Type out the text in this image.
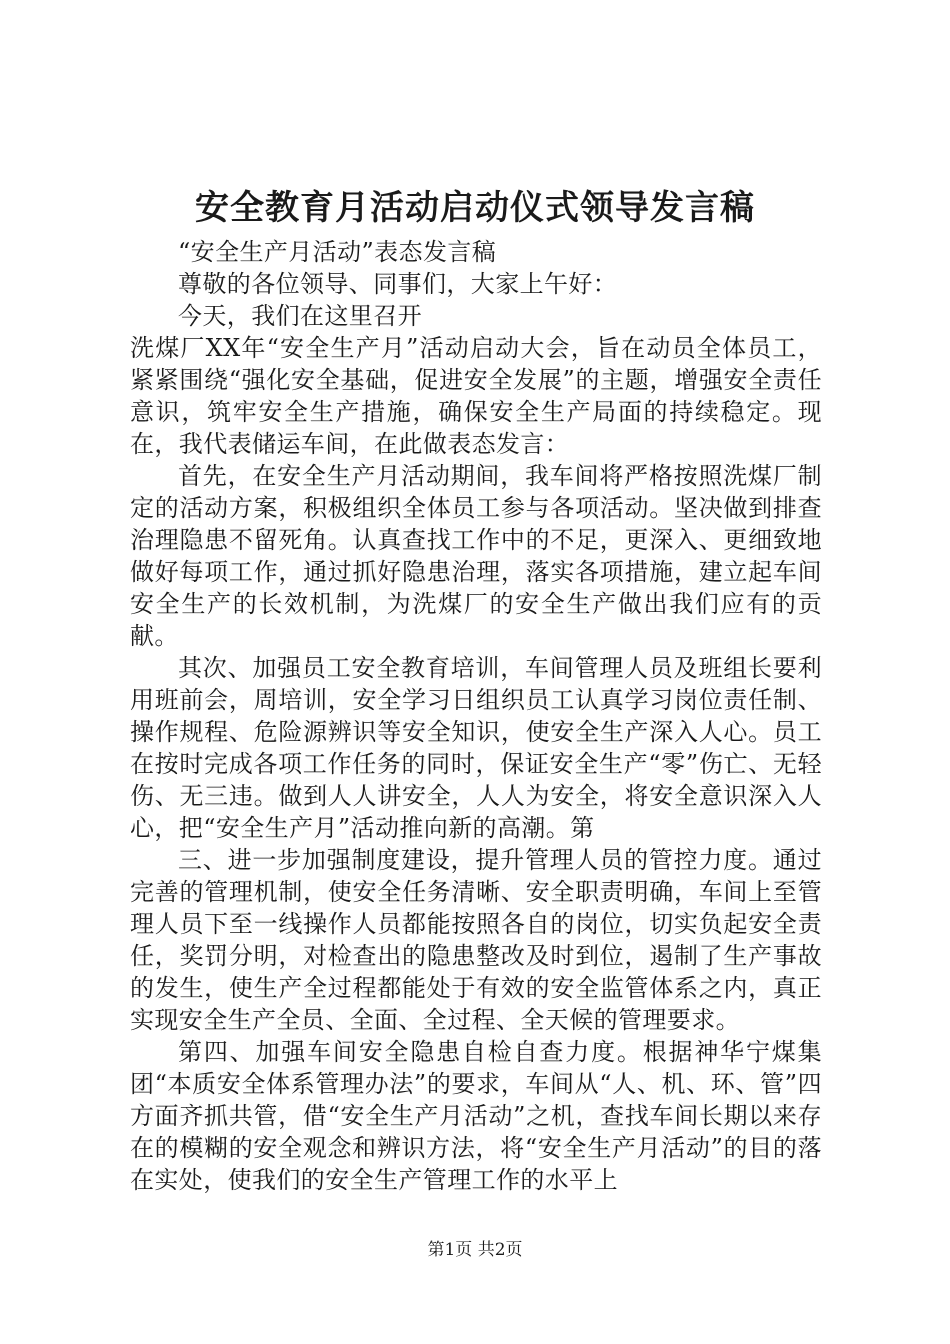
安全教育月活动启动仪式领导发言稿

“安全生产月活动”表态发言稿

尊敬的各位领导、同事们，大家上午好：

今天，我们在这里召开

洗煤厂XX年“安全生产月”活动启动大会，旨在动员全体员工，紧紧围绕“强化安全基础，促进安全发展”的主题，增强安全责任意识，筑牢安全生产措施，确保安全生产局面的持续稳定。现在，我代表储运车间，在此做表态发言：

首先，在安全生产月活动期间，我车间将严格按照洗煤厂制定的活动方案，积极组织全体员工参与各项活动。坚决做到排查治理隐患不留死角。认真查找工作中的不足，更深入、更细致地做好每项工作，通过抓好隐患治理，落实各项措施，建立起车间安全生产的长效机制，为洗煤厂的安全生产做出我们应有的贡献。

其次、加强员工安全教育培训，车间管理人员及班组长要利用班前会，周培训，安全学习日组织员工认真学习岗位责任制、操作规程、危险源辨识等安全知识，使安全生产深入人心。员工在按时完成各项工作任务的同时，保证安全生产“零”伤亡、无轻伤、无三违。做到人人讲安全，人人为安全，将安全意识深入人心，把“安全生产月”活动推向新的高潮。第

三、进一步加强制度建设，提升管理人员的管控力度。通过完善的管理机制，使安全任务清晰、安全职责明确，车间上至管理人员下至一线操作人员都能按照各自的岗位，切实负起安全责任，奖罚分明，对检查出的隐患整改及时到位，遏制了生产事故的发生，使生产全过程都能处于有效的安全监管体系之内，真正实现安全生产全员、全面、全过程、全天候的管理要求。

第四、加强车间安全隐患自检自查力度。根据神华宁煤集团“本质安全体系管理办法”的要求，车间从“人、机、环、管”四方面齐抓共管，借“安全生产月活动”之机，查找车间长期以来存在的模糊的安全观念和辨识方法，将“安全生产月活动”的目的落在实处，使我们的安全生产管理工作的水平上

第1页 共2页
